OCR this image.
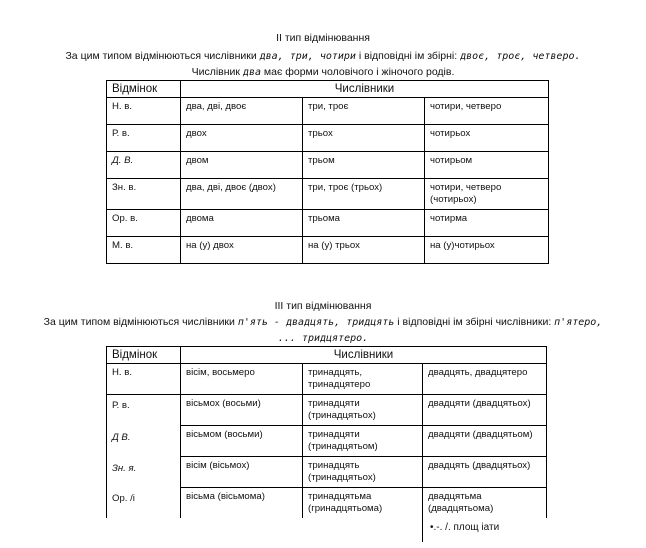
ІІ тип відмінювання
За цим типом відмінюються числівники два, три, чотири і відповідні ім збірні: двоє, троє, четверо.
Числівник два має форми чоловічого і жіночого родів.
Відмінок	Числівники		
Н. в.	два, дві, двоє	три, троє	чотири, четверо
Р. в.	двох	трьох	чотирьох
Д. В.	двом	трьом	чотирьом
Зн. в.	два, дві, двоє (двох)	три, троє (трьох)	чотири, четверо (чотирьох)
Ор. в.	двома	трьома	чотирма
М. в.	на (у) двох	на (у) трьох	на (у)чотирьох
ІІІ тип відмінювання
За цим типом відмінюються числівники п'ять - двадцять, тридцять і відповідні ім збірні числівники: п'ятеро,
... тридцятеро.
Відмінок	Числівники		
Н. в.	вісім, восьмеро	тринадцять, тринадцятеро	двадцять, двадцятеро
Р. в.	вісьмох (восьми)	тринадцяти (тринадцятьох)	двадцяти (двадцятьох)
Д В.	вісьмом (восьми)	тринадцяти (тринадцятьом)	двадцяти (двадцятьом)
Зн. я.	вісім (вісьмох)	тринадцять (тринадцятьох)	двадцять (двадцятьох)
Ор. /і	вісьма (вісьмома)	тринадцятьма (гринадцятьома)	двадцятьма (двадцятьома)
•.-. /. площ іати
